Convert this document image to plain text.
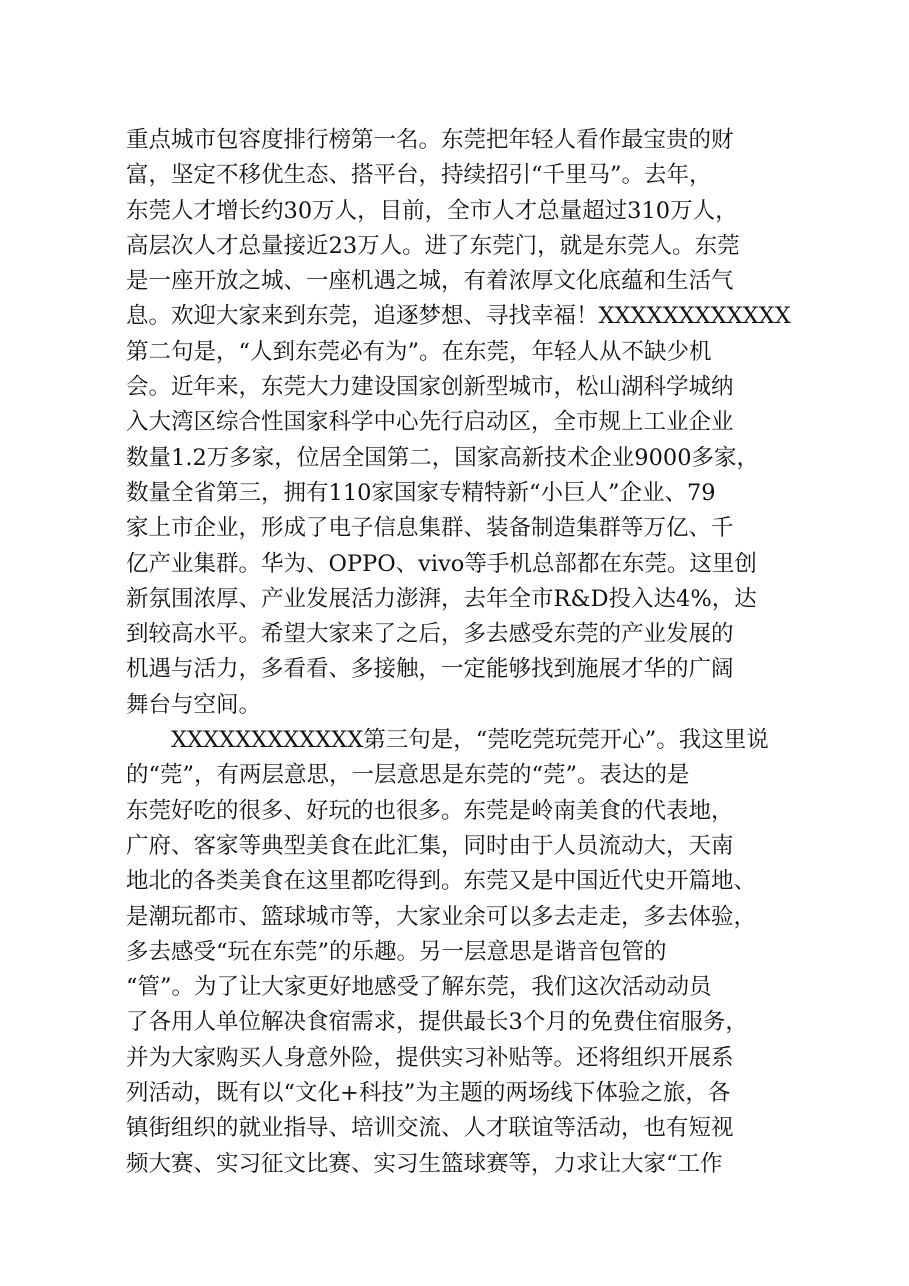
重点城市包容度排行榜第一名。东莞把年轻人看作最宝贵的财
富，坚定不移优生态、搭平台，持续招引“千里马”。去年，
东莞人才增长约30万人，目前，全市人才总量超过310万人，
高层次人才总量接近23万人。进了东莞门，就是东莞人。东莞
是一座开放之城、一座机遇之城，有着浓厚文化底蕴和生活气
息。欢迎大家来到东莞，追逐梦想、寻找幸福！XXXXXXXXXXXX
第二句是，“人到东莞必有为”。在东莞，年轻人从不缺少机
会。近年来，东莞大力建设国家创新型城市，松山湖科学城纳
入大湾区综合性国家科学中心先行启动区，全市规上工业企业
数量1.2万多家，位居全国第二，国家高新技术企业9000多家，
数量全省第三，拥有110家国家专精特新“小巨人”企业、79
家上市企业，形成了电子信息集群、装备制造集群等万亿、千
亿产业集群。华为、OPPO、vivo等手机总部都在东莞。这里创
新氛围浓厚、产业发展活力澎湃，去年全市R&D投入达4%，达
到较高水平。希望大家来了之后，多去感受东莞的产业发展的
机遇与活力，多看看、多接触，一定能够找到施展才华的广阔
舞台与空间。
XXXXXXXXXXXX第三句是，“莞吃莞玩莞开心”。我这里说
的“莞”，有两层意思，一层意思是东莞的“莞”。表达的是
东莞好吃的很多、好玩的也很多。东莞是岭南美食的代表地，
广府、客家等典型美食在此汇集，同时由于人员流动大，天南
地北的各类美食在这里都吃得到。东莞又是中国近代史开篇地、
是潮玩都市、篮球城市等，大家业余可以多去走走，多去体验，
多去感受“玩在东莞”的乐趣。另一层意思是谐音包管的
“管”。为了让大家更好地感受了解东莞，我们这次活动动员
了各用人单位解决食宿需求，提供最长3个月的免费住宿服务，
并为大家购买人身意外险，提供实习补贴等。还将组织开展系
列活动，既有以“文化+科技”为主题的两场线下体验之旅，各
镇街组织的就业指导、培训交流、人才联谊等活动，也有短视
频大赛、实习征文比赛、实习生篮球赛等，力求让大家“工作
